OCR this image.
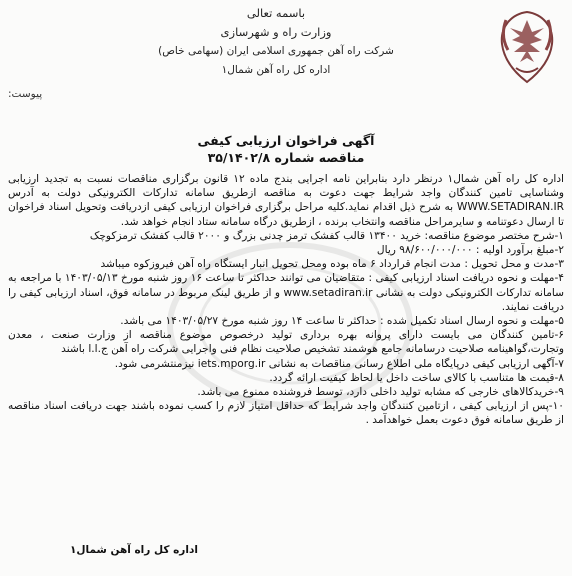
باسمه تعالی
وزارت راه و شهرسازی
شرکت راه آهن جمهوری اسلامی ایران (سهامی خاص)
اداره کل راه آهن شمال۱
پیوست:
آگهی فراخوان ارزیابی کیفی
مناقصه شماره ۳۵/۱۴۰۲/۸

اداره کل راه آهن شمال۱ درنظر دارد بنابراین نامه اجرایی بندج ماده ۱۲ قانون برگزاری مناقصات نسبت به تجدید ارزیابی وشناسایی تامین کنندگان واجد شرایط جهت دعوت به مناقصه ازطریق سامانه تدارکات الکترونیکی دولت به آدرس WWW.SETADIRAN.IR به شرح ذیل اقدام نماید.کلیه مراحل برگزاری فراخوان ارزیابی کیفی ازدریافت وتحویل اسناد فراخوان تا ارسال دعوتنامه و سایرمراحل مناقصه وانتخاب برنده ، ازطریق درگاه سامانه ستاد انجام خواهد شد.

۱-شرح مختصر موضوع مناقصه: خرید ۱۳۴۰۰ قالب کفشک ترمز چدنی بزرگ و ۲۰۰۰ قالب کفشک ترمزکوچک

۲-مبلغ برآورد اولیه : ۹۸/۶۰۰/۰۰۰/۰۰۰ ریال

۳-مدت و محل تحویل : مدت انجام قرارداد ۶ ماه بوده ومحل تحویل انبار ایستگاه راه آهن فیروزکوه میباشد

۴-مهلت و نحوه دریافت اسناد ارزیابی کیفی : متقاضیان می توانند حداکثر تا ساعت ۱۶ روز شنبه مورخ ۱۴۰۳/۰۵/۱۳ با مراجعه به سامانه تدارکات الکترونیکی دولت به نشانی www.setadiran.ir و از طریق لینک مربوط در سامانه فوق، اسناد ارزیابی کیفی را دریافت نمایند.

۵-مهلت و نحوه ارسال اسناد تکمیل شده : حداکثر تا ساعت ۱۴ روز شنبه مورخ ۱۴۰۳/۰۵/۲۷ می باشد.

۶-تامین کنندگان می بایست دارای پروانه بهره برداری تولید درخصوص موضوع مناقصه از وزارت صنعت ، معدن وتجارت،گواهینامه صلاحیت درسامانه جامع هوشمند تشخیص صلاحیت نظام فنی واجرایی شرکت راه آهن ج.ا.ا باشند

۷-آگهی ارزیابی کیفی درپایگاه ملی اطلاع رسانی مناقصات به نشانی iets.mporg.ir نیزمنتشرمی شود.

۸-قیمت ها متناسب با کالای ساخت داخل یا لحاظ کیفیت ارائه گردد.

۹-خریدکالاهای خارجی که مشابه تولید داخلی دارد، توسط فروشنده ممنوع می باشد.

۱۰-پس از ارزیابی کیفی ، ازتامین کنندگان واجد شرایط که حداقل امتیاز لازم را کسب نموده باشند جهت دریافت اسناد مناقصه از طریق سامانه فوق دعوت بعمل خواهدآمد .

اداره کل راه آهن شمال۱
